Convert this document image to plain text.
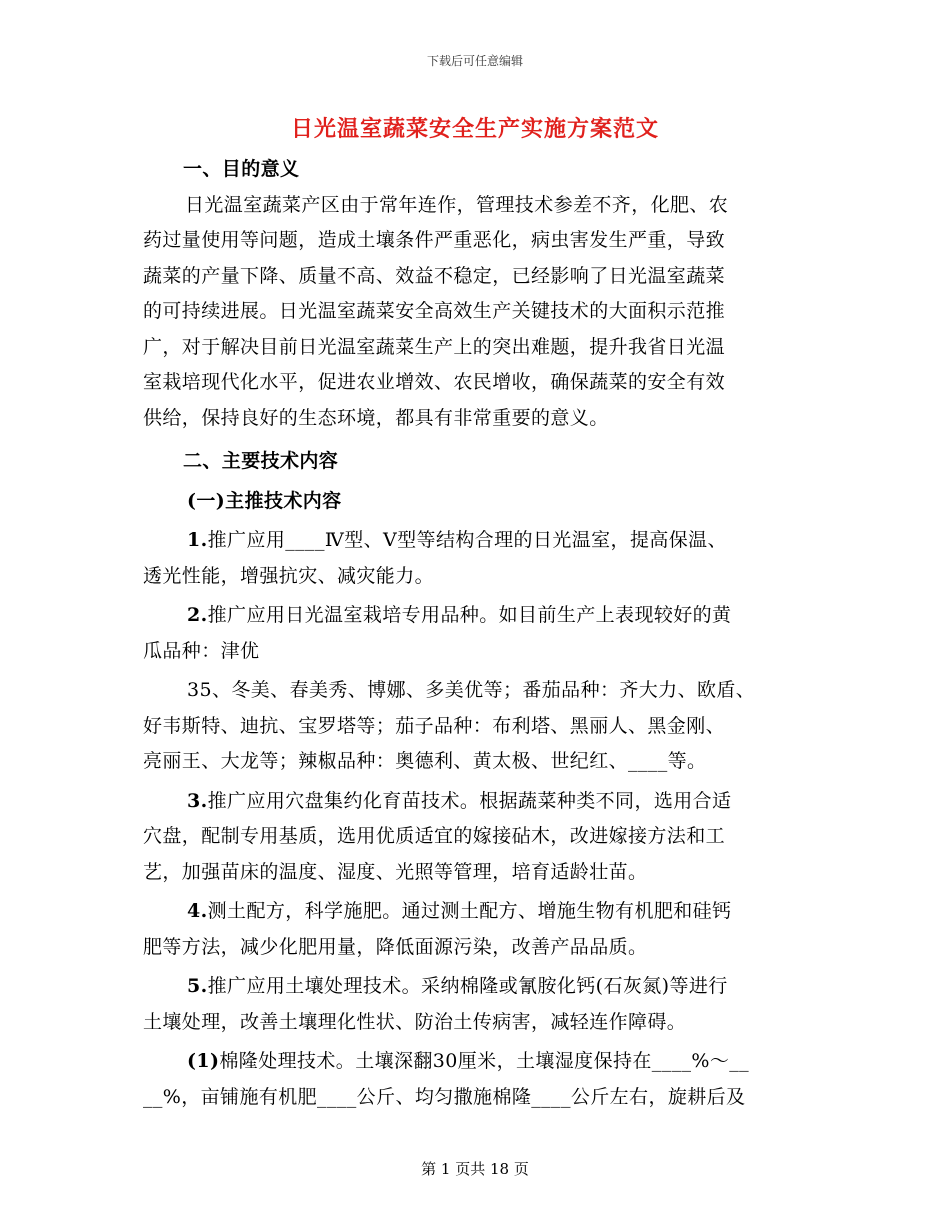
下载后可任意编辑
日光温室蔬菜安全生产实施方案范文
一、目的意义
日光温室蔬菜产区由于常年连作，管理技术参差不齐，化肥、农
药过量使用等问题，造成土壤条件严重恶化，病虫害发生严重，导致
蔬菜的产量下降、质量不高、效益不稳定，已经影响了日光温室蔬菜
的可持续进展。日光温室蔬菜安全高效生产关键技术的大面积示范推
广，对于解决目前日光温室蔬菜生产上的突出难题，提升我省日光温
室栽培现代化水平，促进农业增效、农民增收，确保蔬菜的安全有效
供给，保持良好的生态环境，都具有非常重要的意义。
二、主要技术内容
(一)主推技术内容
1.推广应用____Ⅳ型、Ⅴ型等结构合理的日光温室，提高保温、
透光性能，增强抗灾、减灾能力。
2.推广应用日光温室栽培专用品种。如目前生产上表现较好的黄
瓜品种：津优
35、冬美、春美秀、博娜、多美优等；番茄品种：齐大力、欧盾、
好韦斯特、迪抗、宝罗塔等；茄子品种：布利塔、黑丽人、黑金刚、
亮丽王、大龙等；辣椒品种：奥德利、黄太极、世纪红、____等。
3.推广应用穴盘集约化育苗技术。根据蔬菜种类不同，选用合适
穴盘，配制专用基质，选用优质适宜的嫁接砧木，改进嫁接方法和工
艺，加强苗床的温度、湿度、光照等管理，培育适龄壮苗。
4.测土配方，科学施肥。通过测土配方、增施生物有机肥和硅钙
肥等方法，减少化肥用量，降低面源污染，改善产品品质。
5.推广应用土壤处理技术。采纳棉隆或氰胺化钙(石灰氮)等进行
土壤处理，改善土壤理化性状、防治土传病害，减轻连作障碍。
(1)棉隆处理技术。土壤深翻30厘米，土壤湿度保持在____%～__
__%，亩铺施有机肥____公斤、均匀撒施棉隆____公斤左右，旋耕后及
第 1 页共 18 页
